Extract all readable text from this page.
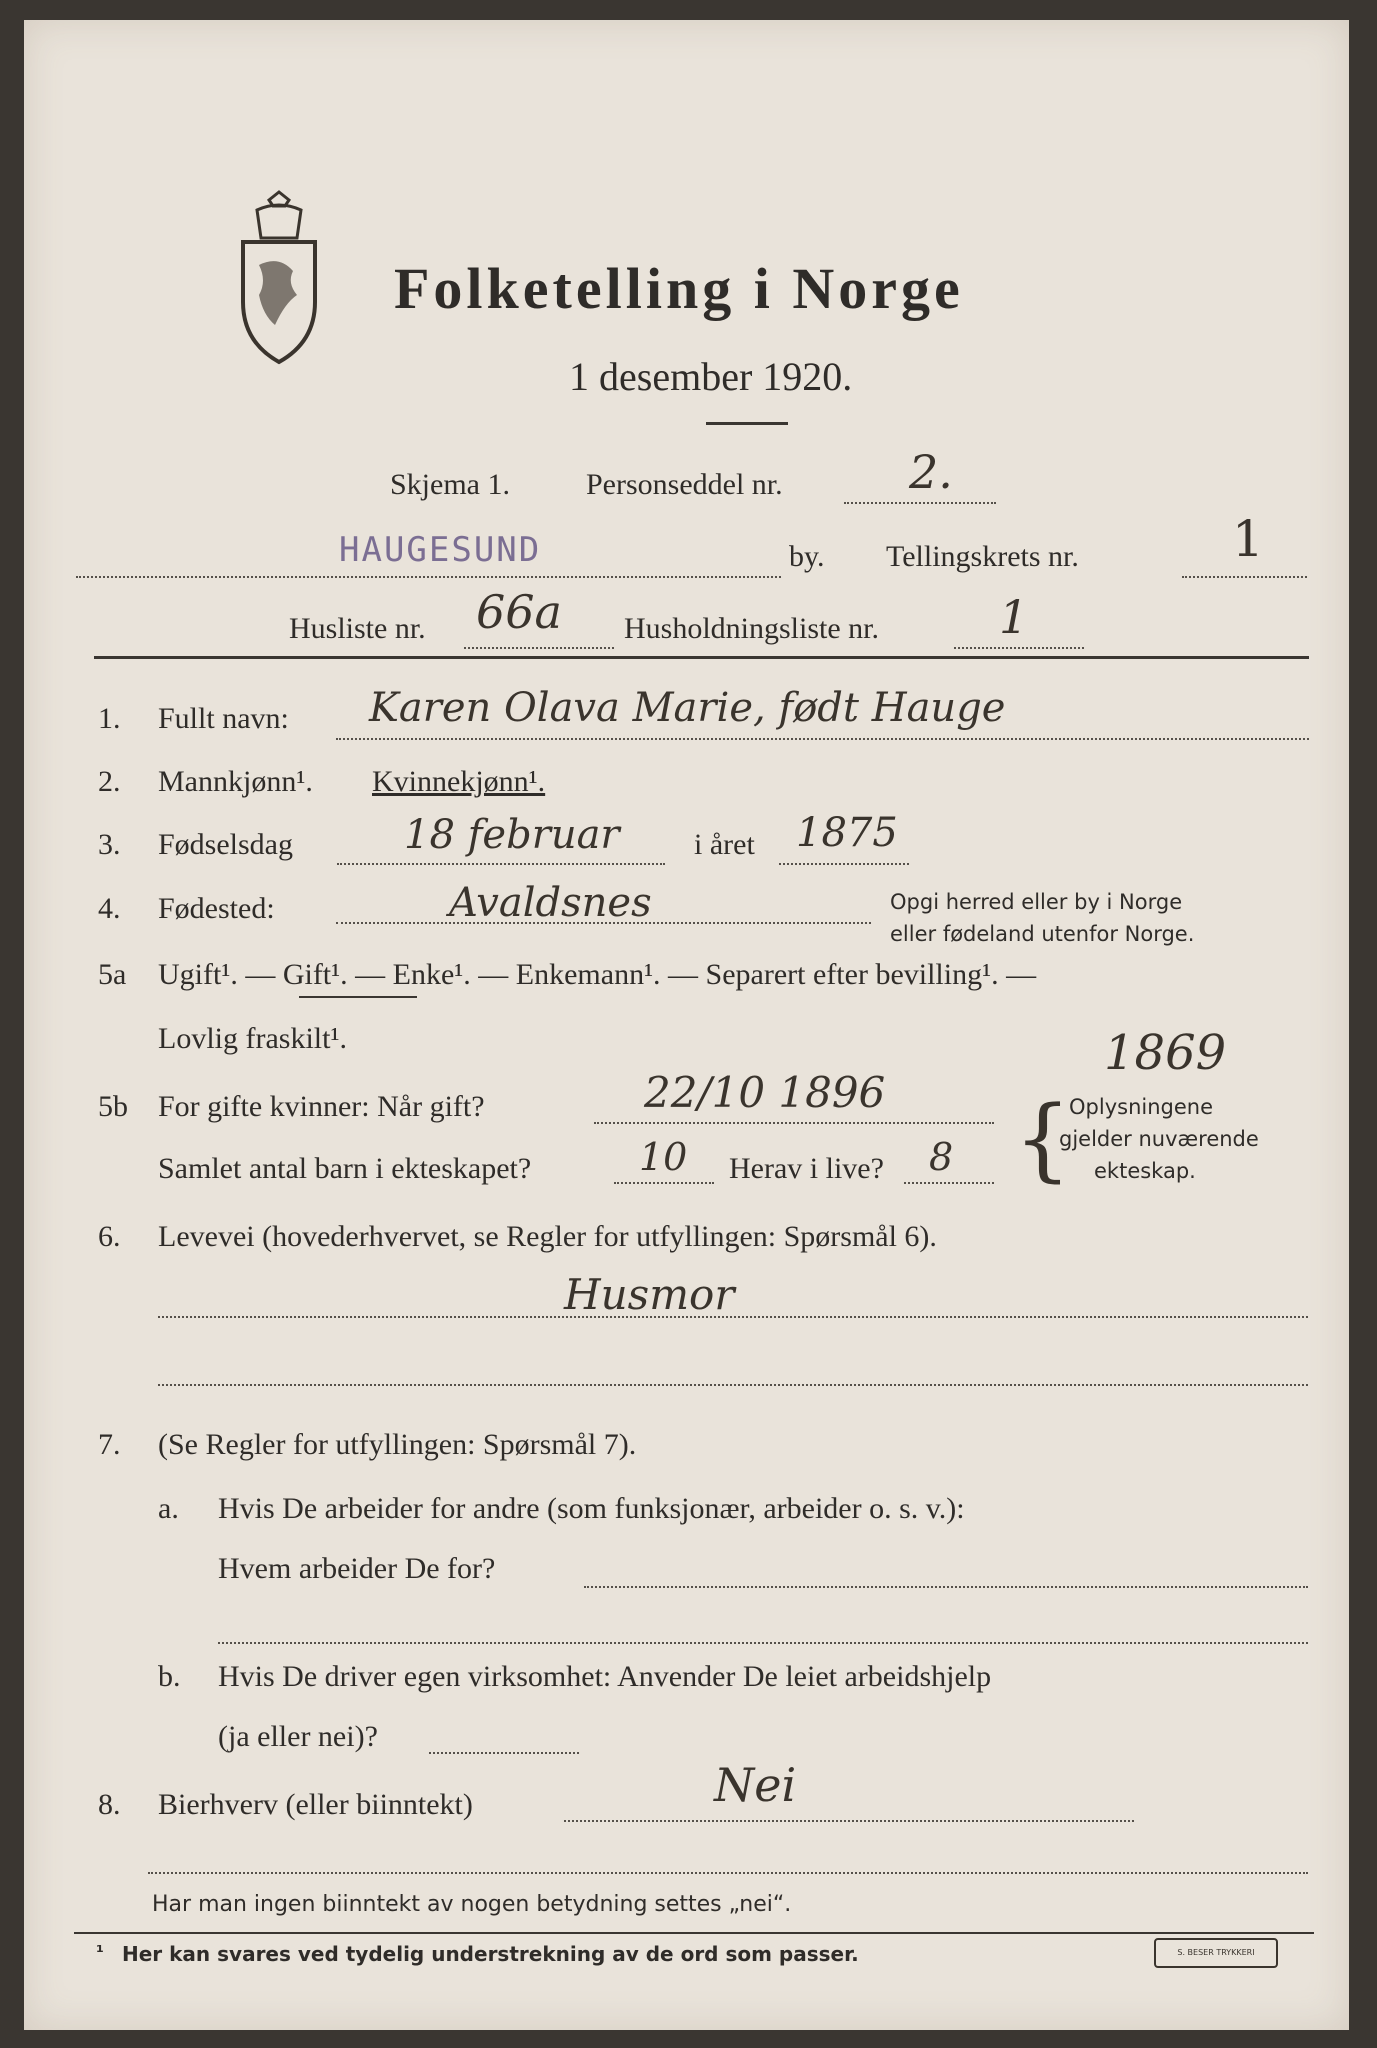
Folketelling i Norge
1 desember 1920.
Skjema 1.	Personseddel nr.	2.
HAUGESUND	by. Tellingskrets nr.	1
Husliste nr. 66a Husholdningsliste nr.	1
1. Fullt navn: Karen Olava Marie, født Hauge
2. Mannkjønn¹. Kvinnekjønn¹.
3. Fødselsdag	18 februar i året 1875
4. Fødested:	Avaldsnes	Opgi herred eller by i Norge
eller fødeland utenfor Norge.
5a Ugift¹. — Gift¹. — Enke¹. — Enkemann¹. — Separert efter bevilling¹. —
Lovlig fraskilt¹.	1869
5b For gifte kvinner: Når gift?	22/10 1896
Samlet antal barn i ekteskapet?	10 Herav i live? 8 {
Oplysningene
gjelder nuværende
ekteskap.
6. Levevei (hovederhvervet, se Regler for utfyllingen: Spørsmål 6).
Husmor
7. (Se Regler for utfyllingen: Spørsmål 7).
a. Hvis De arbeider for andre (som funksjonær, arbeider o. s. v.):
Hvem arbeider De for?
b. Hvis De driver egen virksomhet: Anvender De leiet arbeidshjelp
(ja eller nei)?
8. Bierhverv (eller biinntekt)	Nei
Har man ingen biinntekt av nogen betydning settes „nei“.
¹ Her kan svares ved tydelig understrekning av de ord som passer.	S. BESER TRYKKERI
